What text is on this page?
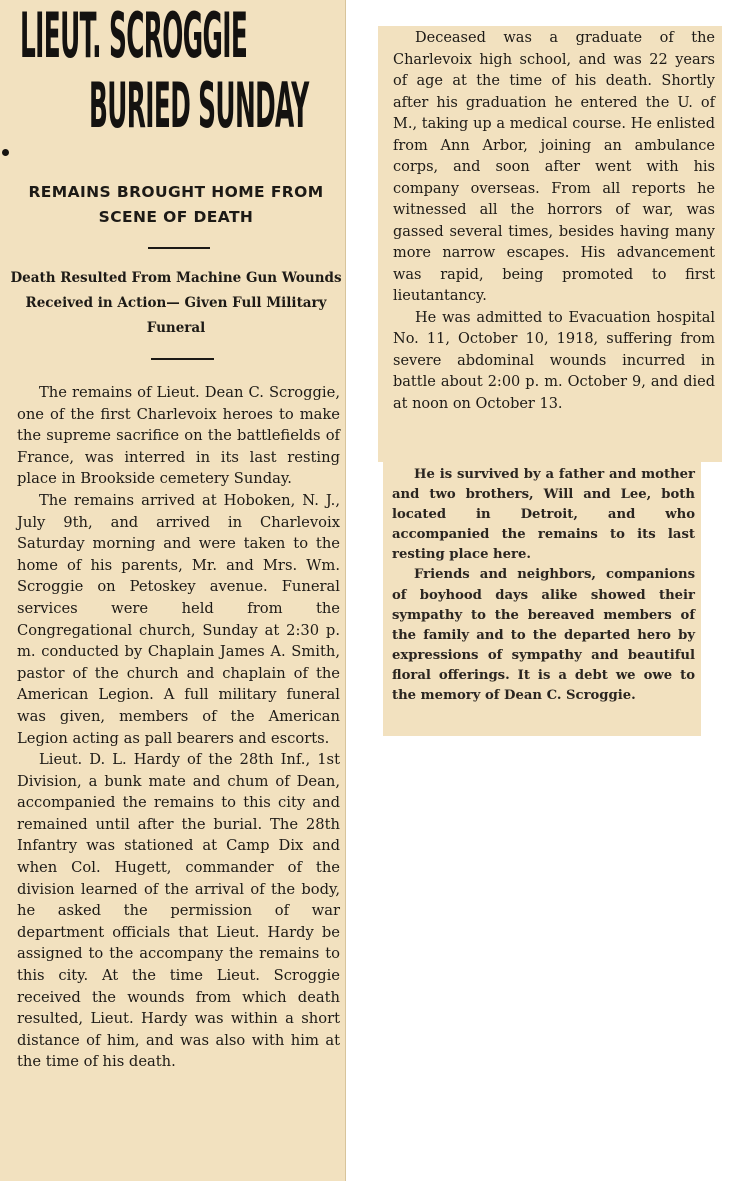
LIEUT. SCROGGIE
BURIED SUNDAY
REMAINS BROUGHT HOME FROM SCENE OF DEATH
Death Resulted From Machine Gun Wounds Received in Action— Given Full Military Funeral

The remains of Lieut. Dean C. Scroggie, one of the first Charlevoix heroes to make the supreme sacrifice on the battlefields of France, was interred in its last resting place in Brookside cemetery Sunday.

The remains arrived at Hoboken, N. J., July 9th, and arrived in Charlevoix Saturday morning and were taken to the home of his parents, Mr. and Mrs. Wm. Scroggie on Petoskey avenue. Funeral services were held from the Congregational church, Sunday at 2:30 p. m. conducted by Chaplain James A. Smith, pastor of the church and chaplain of the American Legion. A full military funeral was given, members of the American Legion acting as pall bearers and escorts.

Lieut. D. L. Hardy of the 28th Inf., 1st Division, a bunk mate and chum of Dean, accompanied the remains to this city and remained until after the burial. The 28th Infantry was stationed at Camp Dix and when Col. Hugett, commander of the division learned of the arrival of the body, he asked the permission of war department officials that Lieut. Hardy be assigned to the accompany the remains to this city. At the time Lieut. Scroggie received the wounds from which death resulted, Lieut. Hardy was within a short distance of him, and was also with him at the time of his death.

Deceased was a graduate of the Charlevoix high school, and was 22 years of age at the time of his death. Shortly after his graduation he entered the U. of M., taking up a medical course. He enlisted from Ann Arbor, joining an ambulance corps, and soon after went with his company overseas. From all reports he witnessed all the horrors of war, was gassed several times, besides having many more narrow escapes. His advancement was rapid, being promoted to first lieutantancy.

He was admitted to Evacuation hospital No. 11, October 10, 1918, suffering from severe abdominal wounds incurred in battle about 2:00 p. m. October 9, and died at noon on October 13.

He is survived by a father and mother and two brothers, Will and Lee, both located in Detroit, and who accompanied the remains to its last resting place here.

Friends and neighbors, companions of boyhood days alike showed their sympathy to the bereaved members of the family and to the departed hero by expressions of sympathy and beautiful floral offerings. It is a debt we owe to the memory of Dean C. Scroggie.
